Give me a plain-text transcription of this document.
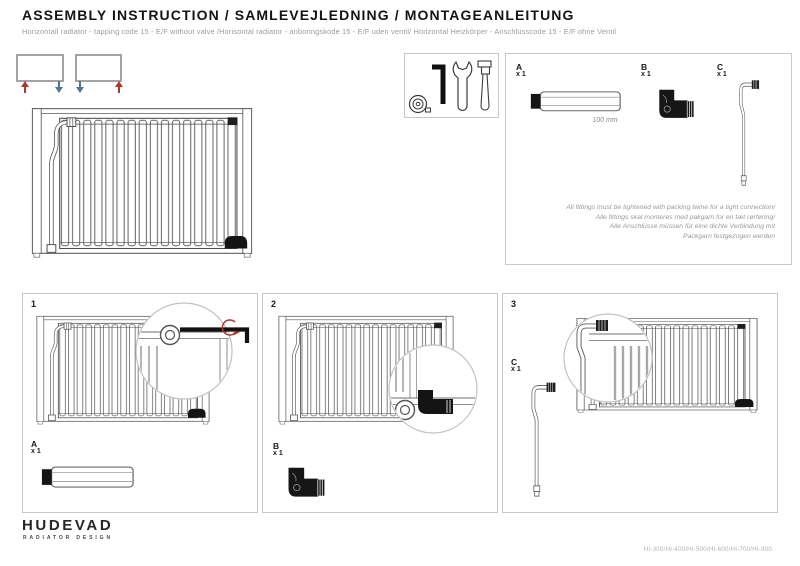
ASSEMBLY INSTRUCTION / SAMLEVEJLEDNING / MONTAGEANLEITUNG
Horizontall radiator - tapping code 15 - E/F without valve /Horisontal radiator - anboringskode 15 - E/F uden ventil/ Horizontal Heizkörper - Anschlüsscode 15 - E/F ohne Ventil
A
x 1
B
x 1
C
x 1
100 mm
All fittings must be tightened with packing twine for a tight connection/
Alle fittings skal monteres med pakgarn for en tæt rørføring/
Alle Anschlüsse müssen für eine dichte Verbindung mit
Packgarn festgezogen werden
1
A
x 1
2
B
x 1
3
C
x 1
HUDEVAD
RADIATOR DESIGN
HI-300/HI-400/HI-500/HI-600/HI-700/HI-900
